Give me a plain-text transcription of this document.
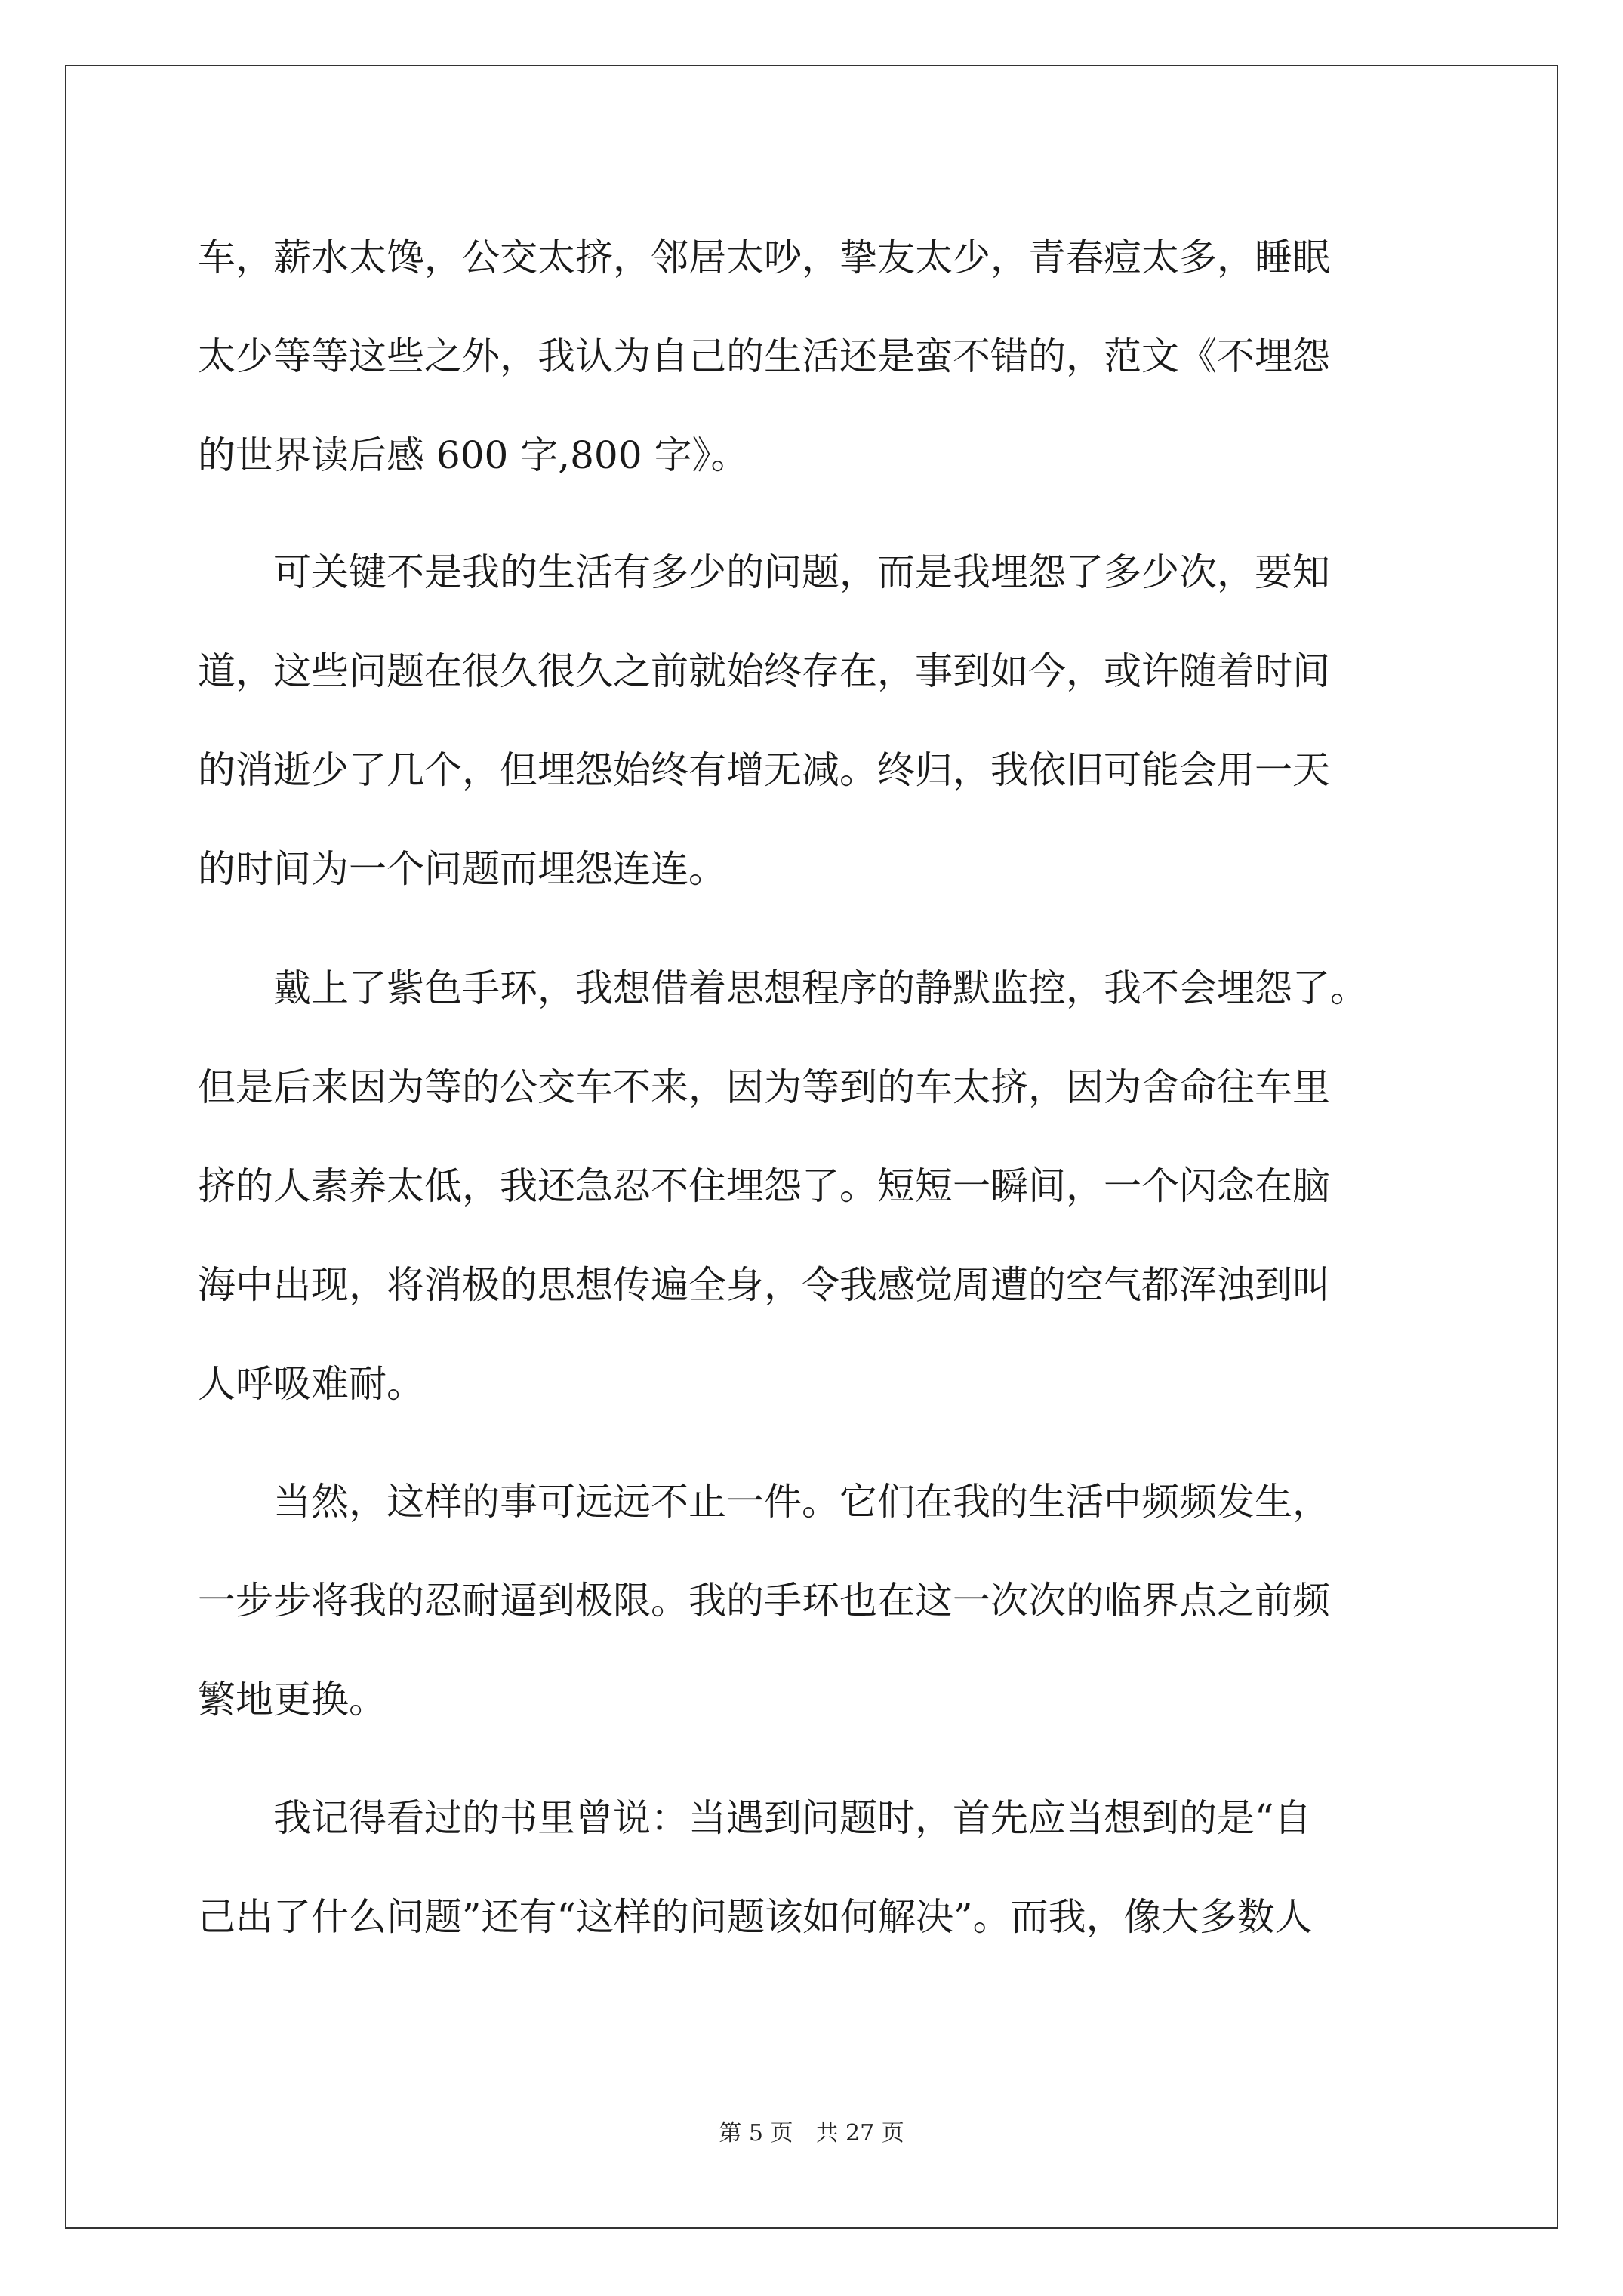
车，薪水太馋，公交太挤，邻居太吵，挚友太少，青春痘太多，睡眠
太少等等这些之外，我认为自己的生活还是蛮不错的，范文《不埋怨
的世界读后感 600 字,800 字》。
　　可关键不是我的生活有多少的问题，而是我埋怨了多少次，要知
道，这些问题在很久很久之前就始终存在，事到如今，或许随着时间
的消逝少了几个，但埋怨始终有增无减。终归，我依旧可能会用一天
的时间为一个问题而埋怨连连。
　　戴上了紫色手环，我想借着思想程序的静默监控，我不会埋怨了。
但是后来因为等的公交车不来，因为等到的车太挤，因为舍命往车里
挤的人素养太低，我还急忍不住埋怨了。短短一瞬间，一个闪念在脑
海中出现，将消极的思想传遍全身，令我感觉周遭的空气都浑浊到叫
人呼吸难耐。
　　当然，这样的事可远远不止一件。它们在我的生活中频频发生，
一步步将我的忍耐逼到极限。我的手环也在这一次次的临界点之前频
繁地更换。
　　我记得看过的书里曾说：当遇到问题时，首先应当想到的是“自
己出了什么问题”还有“这样的问题该如何解决”。而我，像大多数人
第 5 页　共 27 页
